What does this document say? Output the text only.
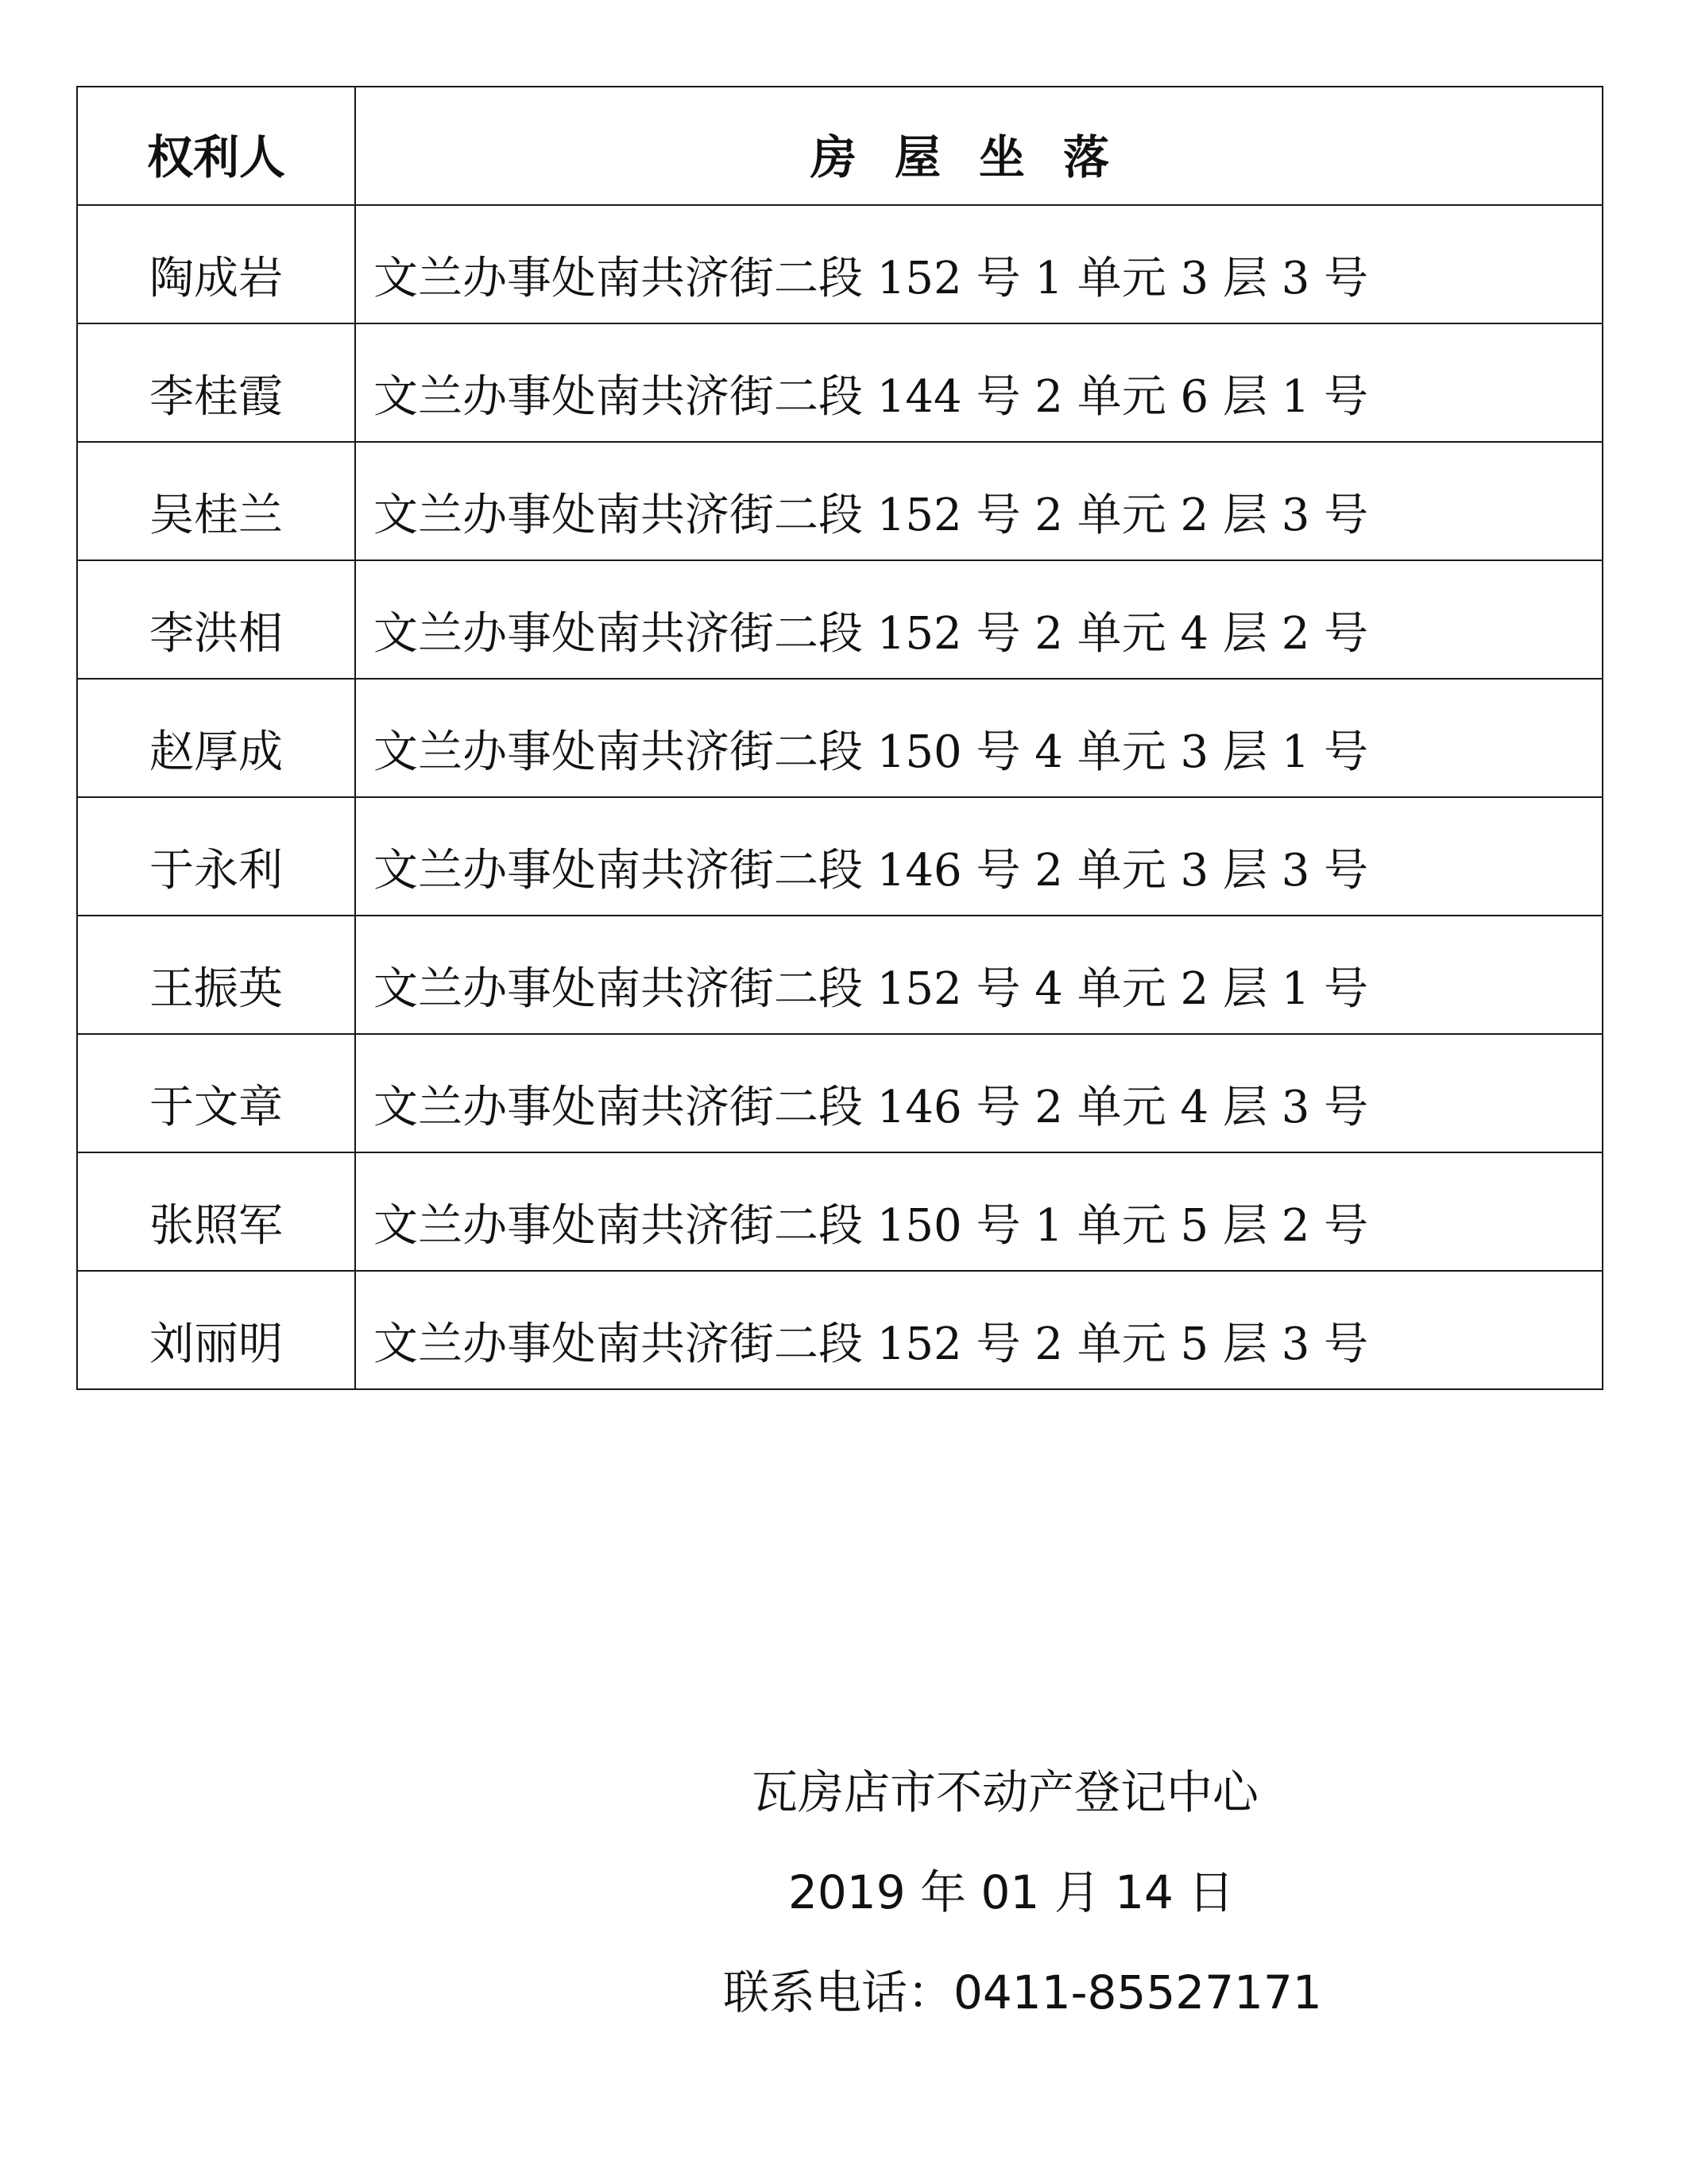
权利人	房屋坐落
陶成岩	文兰办事处南共济街二段 152 号 1 单元 3 层 3 号
李桂霞	文兰办事处南共济街二段 144 号 2 单元 6 层 1 号
吴桂兰	文兰办事处南共济街二段 152 号 2 单元 2 层 3 号
李洪相	文兰办事处南共济街二段 152 号 2 单元 4 层 2 号
赵厚成	文兰办事处南共济街二段 150 号 4 单元 3 层 1 号
于永利	文兰办事处南共济街二段 146 号 2 单元 3 层 3 号
王振英	文兰办事处南共济街二段 152 号 4 单元 2 层 1 号
于文章	文兰办事处南共济街二段 146 号 2 单元 4 层 3 号
张照军	文兰办事处南共济街二段 150 号 1 单元 5 层 2 号
刘丽明	文兰办事处南共济街二段 152 号 2 单元 5 层 3 号
瓦房店市不动产登记中心
2019 年 01 月 14 日
联系电话：0411-85527171
